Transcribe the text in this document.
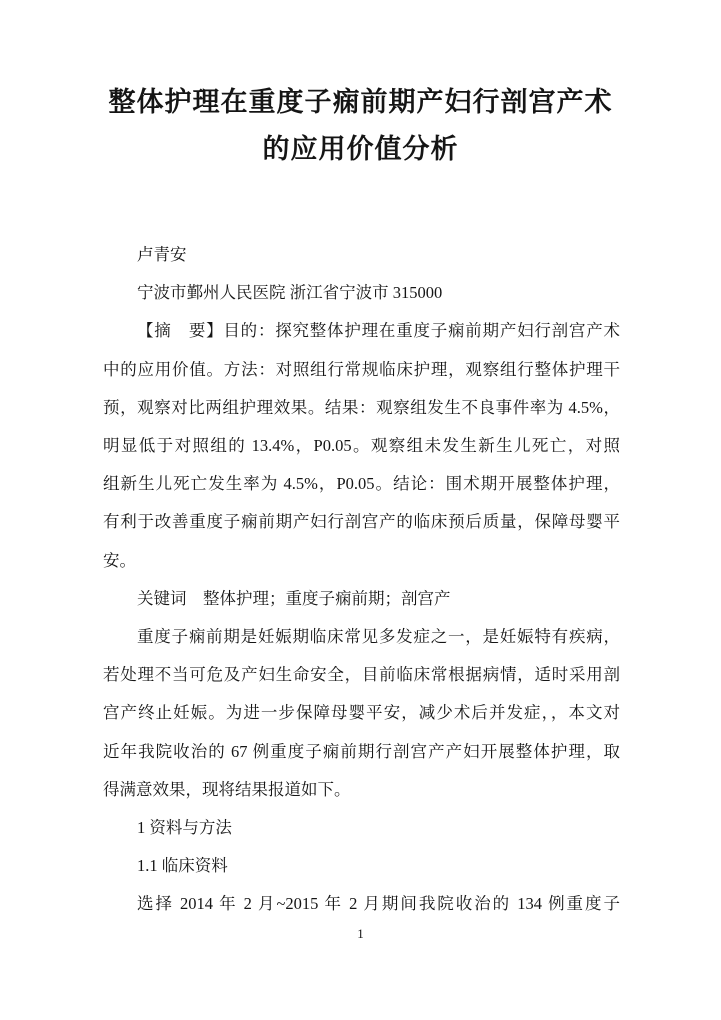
整体护理在重度子痫前期产妇行剖宫产术
的应用价值分析
卢青安
宁波市鄞州人民医院 浙江省宁波市 315000
【摘　要】目的：探究整体护理在重度子痫前期产妇行剖宫产术
中的应用价值。方法：对照组行常规临床护理，观察组行整体护理干
预，观察对比两组护理效果。结果：观察组发生不良事件率为 4.5%，
明显低于对照组的 13.4%，P0.05。观察组未发生新生儿死亡，对照
组新生儿死亡发生率为 4.5%，P0.05。结论：围术期开展整体护理，
有利于改善重度子痫前期产妇行剖宫产的临床预后质量，保障母婴平
安。
关键词　整体护理；重度子痫前期；剖宫产
重度子痫前期是妊娠期临床常见多发症之一，是妊娠特有疾病，
若处理不当可危及产妇生命安全，目前临床常根据病情，适时采用剖
宫产终止妊娠。为进一步保障母婴平安，减少术后并发症，，本文对
近年我院收治的 67 例重度子痫前期行剖宫产产妇开展整体护理，取
得满意效果，现将结果报道如下。
1 资料与方法
1.1 临床资料
选择 2014 年 2 月~2015 年 2 月期间我院收治的 134 例重度子
1
